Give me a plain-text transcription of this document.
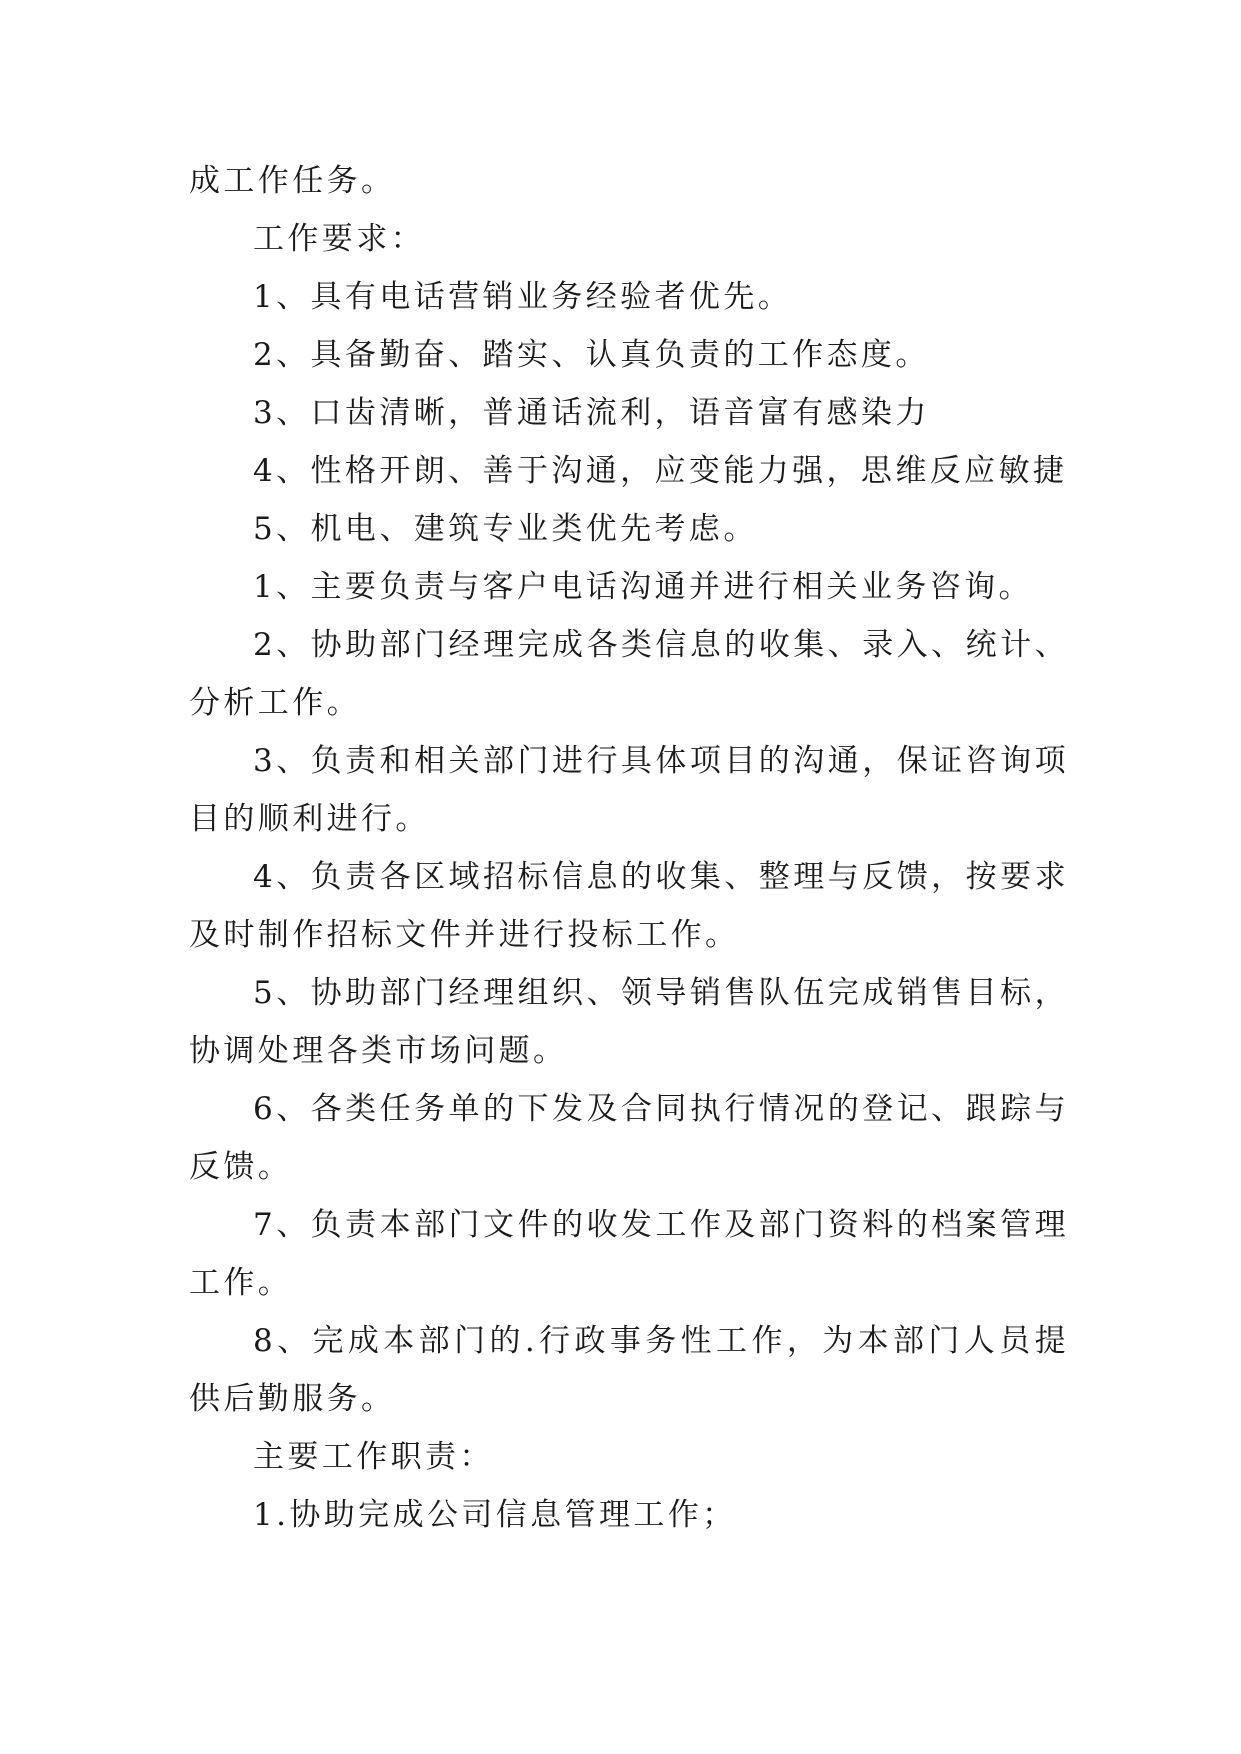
成工作任务。

工作要求：

1、具有电话营销业务经验者优先。

2、具备勤奋、踏实、认真负责的工作态度。

3、口齿清晰，普通话流利，语音富有感染力

4、性格开朗、善于沟通，应变能力强，思维反应敏捷

5、机电、建筑专业类优先考虑。

1、主要负责与客户电话沟通并进行相关业务咨询。

2、协助部门经理完成各类信息的收集、录入、统计、分析工作。

3、负责和相关部门进行具体项目的沟通，保证咨询项目的顺利进行。

4、负责各区域招标信息的收集、整理与反馈，按要求及时制作招标文件并进行投标工作。

5、协助部门经理组织、领导销售队伍完成销售目标，协调处理各类市场问题。

6、各类任务单的下发及合同执行情况的登记、跟踪与反馈。

7、负责本部门文件的收发工作及部门资料的档案管理工作。

8、完成本部门的.行政事务性工作，为本部门人员提供后勤服务。

主要工作职责：

1.协助完成公司信息管理工作；
